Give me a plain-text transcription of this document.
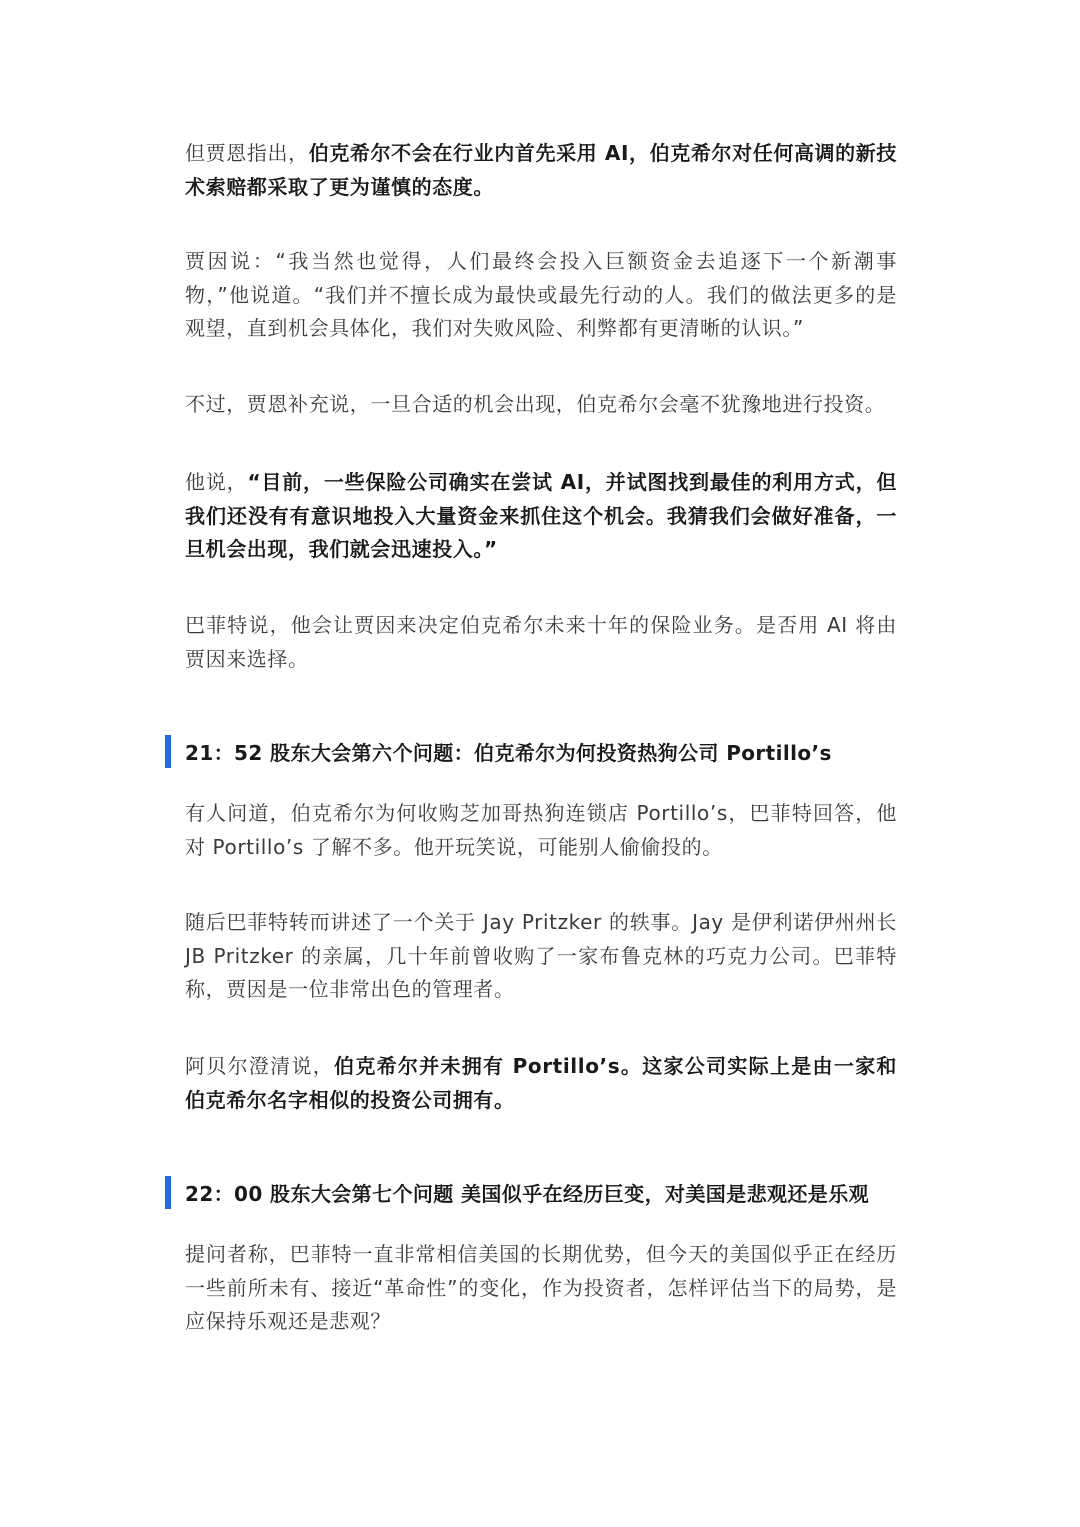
但贾恩指出，伯克希尔不会在行业内首先采用 AI，伯克希尔对任何高调的新技术索赔都采取了更为谨慎的态度。

贾因说：“我当然也觉得，人们最终会投入巨额资金去追逐下一个新潮事物，”他说道。“我们并不擅长成为最快或最先行动的人。我们的做法更多的是观望，直到机会具体化，我们对失败风险、利弊都有更清晰的认识。”

不过，贾恩补充说，一旦合适的机会出现，伯克希尔会毫不犹豫地进行投资。

他说，“目前，一些保险公司确实在尝试 AI，并试图找到最佳的利用方式，但我们还没有有意识地投入大量资金来抓住这个机会。我猜我们会做好准备，一旦机会出现，我们就会迅速投入。”

巴菲特说，他会让贾因来决定伯克希尔未来十年的保险业务。是否用 AI 将由贾因来选择。

21：52 股东大会第六个问题：伯克希尔为何投资热狗公司 Portillo’s

有人问道，伯克希尔为何收购芝加哥热狗连锁店 Portillo’s，巴菲特回答，他对 Portillo’s 了解不多。他开玩笑说，可能别人偷偷投的。

随后巴菲特转而讲述了一个关于 Jay Pritzker 的轶事。Jay 是伊利诺伊州州长 JB Pritzker 的亲属，几十年前曾收购了一家布鲁克林的巧克力公司。巴菲特称，贾因是一位非常出色的管理者。

阿贝尔澄清说，伯克希尔并未拥有 Portillo’s。这家公司实际上是由一家和伯克希尔名字相似的投资公司拥有。

22：00 股东大会第七个问题 美国似乎在经历巨变，对美国是悲观还是乐观

提问者称，巴菲特一直非常相信美国的长期优势，但今天的美国似乎正在经历一些前所未有、接近“革命性”的变化，作为投资者，怎样评估当下的局势，是应保持乐观还是悲观？
